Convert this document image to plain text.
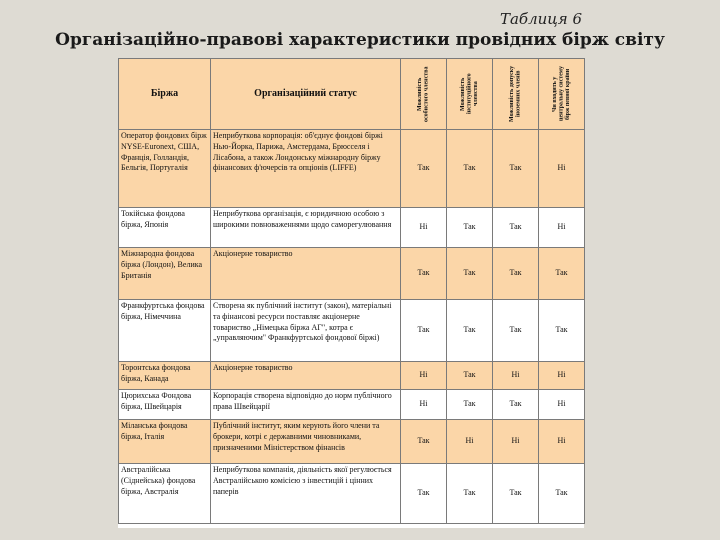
Таблиця 6
Організаційно-правові характеристики провідних бірж світу
Біржа	Організаційний статус	Можливість особистого членства	Можливість інституційного членства	Можливість допуску іноземних членів	Чи входить у центральну систему бірж певної країни

Оператор фондових бірж NYSE-Euronext, США, Франція, Голландія, Бельгія, Португалія	Неприбуткова корпорація: об'єднує фондові біржі Нью-Йорка, Парижа, Амстердама, Брюсселя і Лісабона, а також Лондонську міжнародну біржу фінансових ф'ючерсів та опціонів (LIFFE)	Так	Так	Так	Ні
Токійська фондова біржа, Японія	Неприбуткова організація, є юридичною особою з широкими повноваженнями щодо саморегулювання	Ні	Так	Так	Ні
Міжнародна фондова біржа (Лондон), Велика Британія	Акціонерне товариство	Так	Так	Так	Так
Франкфуртська фондова біржа, Німеччина	Створена як публічний інститут (закон), матеріальні та фінансові ресурси поставляє акціонерне товариство „Німецька біржа АГ", котра є „управляючим" Франкфуртської фондової біржі)	Так	Так	Так	Так
Торонтська фондова біржа, Канада	Акціонерне товариство	Ні	Так	Ні	Ні
Цюрихська Фондова біржа, Швейцарія	Корпорація створена відповідно до норм публічного права Швейцарії	Ні	Так	Так	Ні
Міланська фондова біржа, Італія	Публічний інститут, яким керують його члени та брокери, котрі є державними чиновниками, призначеними Міністерством фінансів	Так	Ні	Ні	Ні
Австралійська (Сіднейська) фондова біржа, Австралія	Неприбуткова компанія, діяльність якої регулюється Австралійською комісією з інвестицій і цінних паперів	Так	Так	Так	Так
